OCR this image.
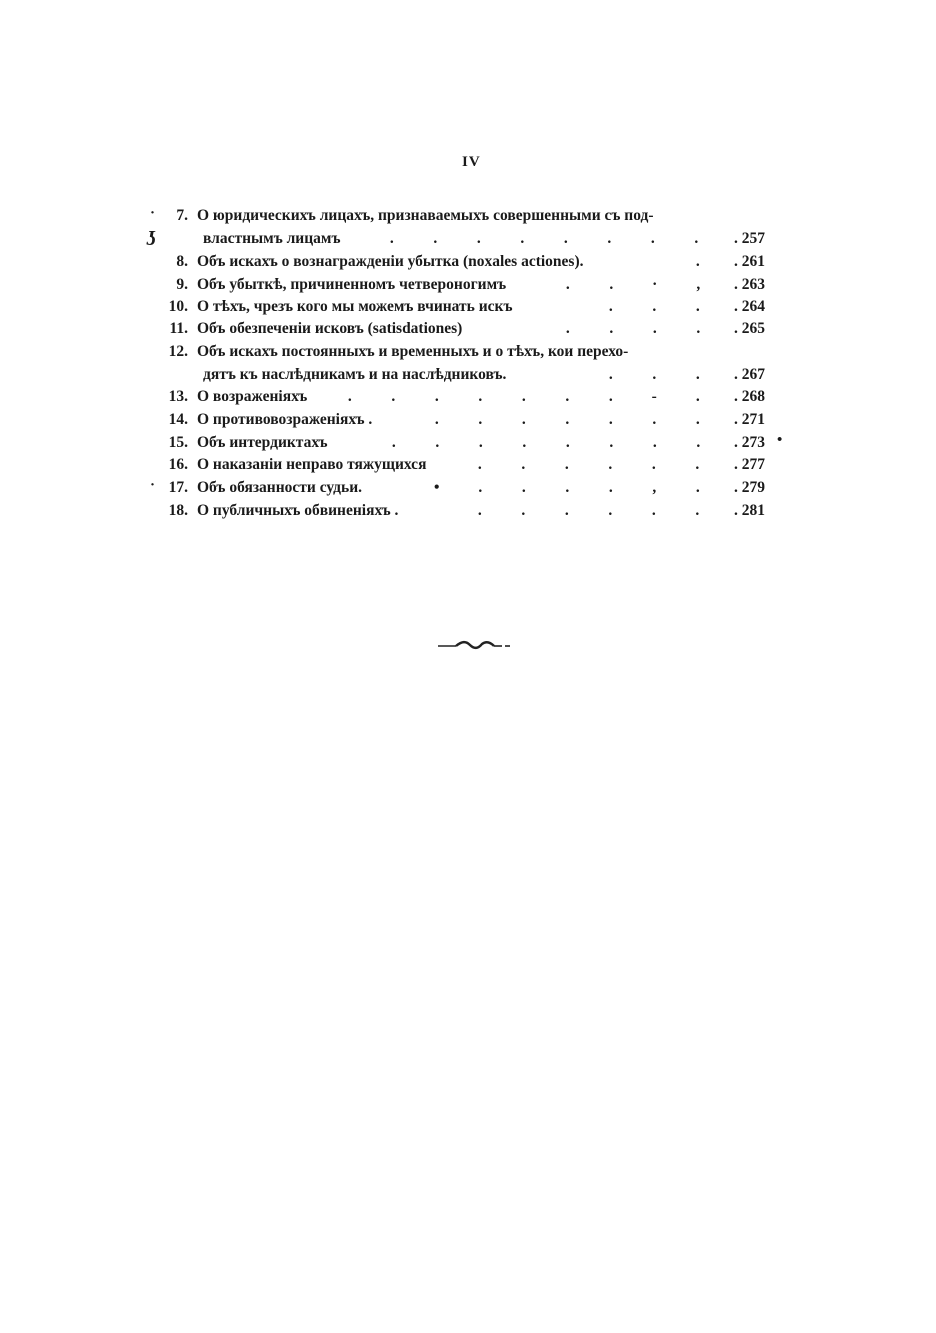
IV
· 7. О юридическихъ лицахъ, признаваемыхъ совершенными съ под-
ʖ	властнымъ лицамъ	.	.	.	.	.	.	.	.	. 257
8. Объ искахъ о вознагражденіи убытка (noxales actiones).	.	. 261
9. Объ убыткѣ, причиненномъ четвероногимъ	.	.	·	,	. 263
10. О тѣхъ, чрезъ кого мы можемъ вчинать искъ	.	.	.	. 264
11. Объ обезпеченіи исковъ (satisdationes)	.	.	.	.	. 265
12. Объ искахъ постоянныхъ и временныхъ и о тѣхъ, кои перехо-
дятъ къ наслѣдникамъ и на наслѣдниковъ.	.	.	.	. 267
13. О возраженіяхъ	.	.	.	.	.	.	.	-	.	. 268
14. О противовозраженіяхъ .	.	.	.	.	.	.	.	. 271
15. Объ интердиктахъ	.	.	.	.	.	.	.	.	. 273 •
16. О наказаніи неправо тяжущихся	.	.	.	.	.	.	. 277
· 17. Объ обязанности судьи.	•	.	.	.	.	,	.	. 279
18. О публичныхъ обвиненіяхъ .	.	.	.	.	.	.	. 281
